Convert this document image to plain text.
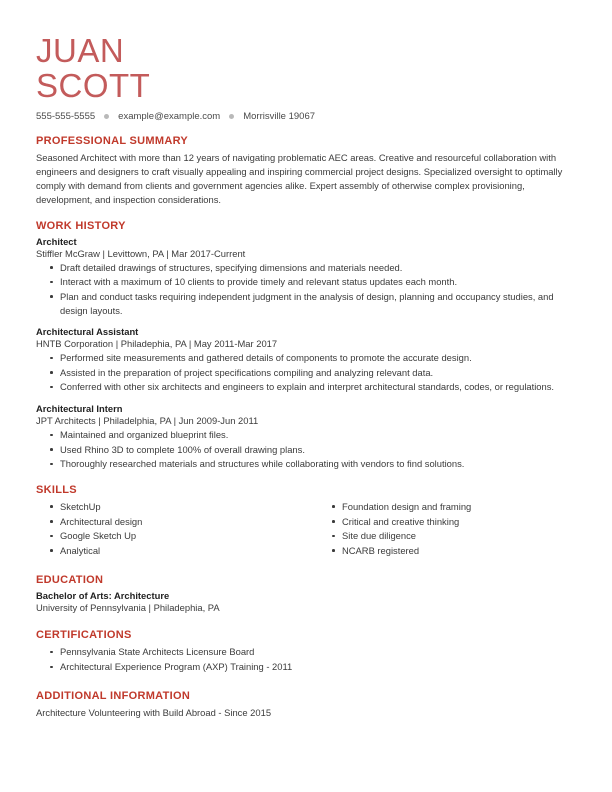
JUAN
SCOTT
555-555-5555 example@example.com Morrisville 19067
PROFESSIONAL SUMMARY
Seasoned Architect with more than 12 years of navigating problematic AEC areas. Creative and resourceful collaboration with engineers and designers to craft visually appealing and inspiring commercial project designs. Specialized oversight to optimally comply with demand from clients and government agencies alike. Expert assembly of otherwise complex provisioning, development, and inspection considerations.
WORK HISTORY
Architect
Stiffler McGraw | Levittown, PA | Mar 2017-Current
Draft detailed drawings of structures, specifying dimensions and materials needed.
Interact with a maximum of 10 clients to provide timely and relevant status updates each month.
Plan and conduct tasks requiring independent judgment in the analysis of design, planning and occupancy studies, and design layouts.
Architectural Assistant
HNTB Corporation | Philadephia, PA | May 2011-Mar 2017
Performed site measurements and gathered details of components to promote the accurate design.
Assisted in the preparation of project specifications compiling and analyzing relevant data.
Conferred with other six architects and engineers to explain and interpret architectural standards, codes, or regulations.
Architectural Intern
JPT Architects | Philadelphia, PA | Jun 2009-Jun 2011
Maintained and organized blueprint files.
Used Rhino 3D to complete 100% of overall drawing plans.
Thoroughly researched materials and structures while collaborating with vendors to find solutions.
SKILLS
SketchUp
Architectural design
Google Sketch Up
Analytical
Foundation design and framing
Critical and creative thinking
Site due diligence
NCARB registered
EDUCATION
Bachelor of Arts: Architecture
University of Pennsylvania | Philadephia, PA
CERTIFICATIONS
Pennsylvania State Architects Licensure Board
Architectural Experience Program (AXP) Training - 2011
ADDITIONAL INFORMATION
Architecture Volunteering with Build Abroad - Since 2015
